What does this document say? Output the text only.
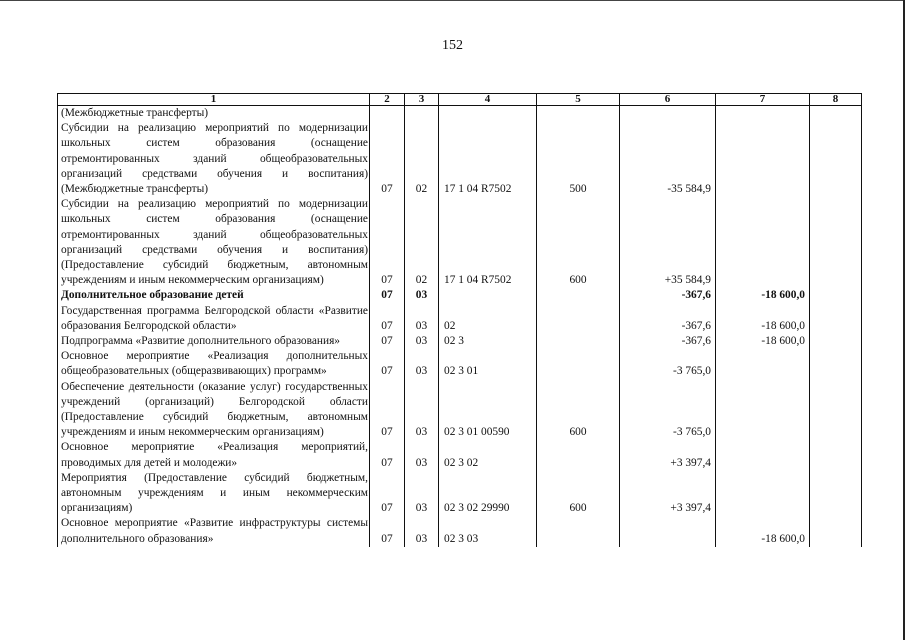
152
1	2	3	4	5	6	7	8

(Межбюджетные трансферты)							

Субсидии на реализацию мероприятий по модернизации школьных систем образования (оснащение отремонтированных зданий общеобразовательных организаций средствами обучения и воспитания) (Межбюджетные трансферты)	07	02	17 1 04 R7502	500	-35 584,9		

Субсидии на реализацию мероприятий по модернизации школьных систем образования (оснащение отремонтированных зданий общеобразовательных организаций средствами обучения и воспитания) (Предоставление субсидий бюджетным, автономным учреждениям и иным некоммерческим организациям)	07	02	17 1 04 R7502	600	+35 584,9		

Дополнительное образование детей	07	03			-367,6	-18 600,0	

Государственная программа Белгородской области «Развитие образования Белгородской области»	07	03	02		-367,6	-18 600,0	

Подпрограмма «Развитие дополнительного образования»	07	03	02 3		-367,6	-18 600,0	

Основное мероприятие «Реализация дополнительных общеобразовательных (общеразвивающих) программ»	07	03	02 3 01		-3 765,0		

Обеспечение деятельности (оказание услуг) государственных учреждений (организаций) Белгородской области (Предоставление субсидий бюджетным, автономным учреждениям и иным некоммерческим организациям)	07	03	02 3 01 00590	600	-3 765,0		

Основное мероприятие «Реализация мероприятий, проводимых для детей и молодежи»	07	03	02 3 02		+3 397,4		

Мероприятия (Предоставление субсидий бюджетным, автономным учреждениям и иным некоммерческим организациям)	07	03	02 3 02 29990	600	+3 397,4		

Основное мероприятие «Развитие инфраструктуры системы дополнительного образования»	07	03	02 3 03			-18 600,0	
